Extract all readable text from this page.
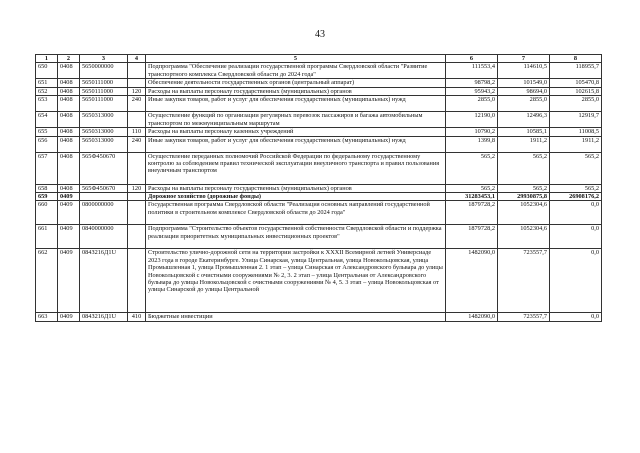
43
1	2	3	4	5	6	7	8
650	0408	5650000000		Подпрограмма "Обеспечение реализации государственной программы Свердловской области "Развитие транспортного комплекса Свердловской области до 2024 года"	111553,4	114610,5	118955,7
651	0408	5650111000		Обеспечение деятельности государственных органов (центральный аппарат)	98798,2	101549,0	105470,8
652	0408	5650111000	120	Расходы на выплаты персоналу государственных (муниципальных) органов	95943,2	98694,0	102615,8
653	0408	5650111000	240	Иные закупки товаров, работ и услуг для обеспечения государственных (муниципальных) нужд	2855,0	2855,0	2855,0
654	0408	5650313000		Осуществление функций по организации регулярных перевозок пассажиров и багажа автомобильным транспортом по межмуниципальным маршрутам	12190,0	12496,3	12919,7
655	0408	5650313000	110	Расходы на выплаты персоналу казенных учреждений	10790,2	10585,1	11008,5
656	0408	5650313000	240	Иные закупки товаров, работ и услуг для обеспечения государственных (муниципальных) нужд	1399,8	1911,2	1911,2
657	0408	565Ф450670		Осуществление переданных полномочий Российской Федерации по федеральному государственному контролю за соблюдением правил технической эксплуатации внеуличного транспорта и правил пользования внеуличным транспортом	565,2	565,2	565,2
658	0408	565Ф450670	120	Расходы на выплаты персоналу государственных (муниципальных) органов	565,2	565,2	565,2
659	0409			Дорожное хозяйство (дорожные фонды)	31283453,1	29930875,8	26908176,2
660	0409	0800000000		Государственная программа Свердловской области "Реализация основных направлений государственной политики в строительном комплексе Свердловской области до 2024 года"	1879728,2	1052304,6	0,0
661	0409	0840000000		Подпрограмма "Строительство объектов государственной собственности Свердловской области и поддержка реализации приоритетных муниципальных инвестиционных проектов"	1879728,2	1052304,6	0,0
662	0409	084З216Д1U		Строительство улично-дорожной сети на территории застройки к XXXII Всемирной летней Универсиаде 2023 года в городе Екатеринбурге. Улица Синарская, улица Центральная, улица Новокольцовская, улица Промышленная 1, улица Промышленная 2. 1 этап – улица Синарская от Александровского бульвара до улицы Новокольцовской с очистными сооружениями № 2, 3. 2 этап – улица Центральная от Александровского бульвара до улицы Новокольцовской с очистными сооружениями № 4, 5. 3 этап – улица Новокольцовская от улицы Синарской до улицы Центральной	1482090,0	723557,7	0,0
663	0409	084З216Д1U	410	Бюджетные инвестиции	1482090,0	723557,7	0,0
